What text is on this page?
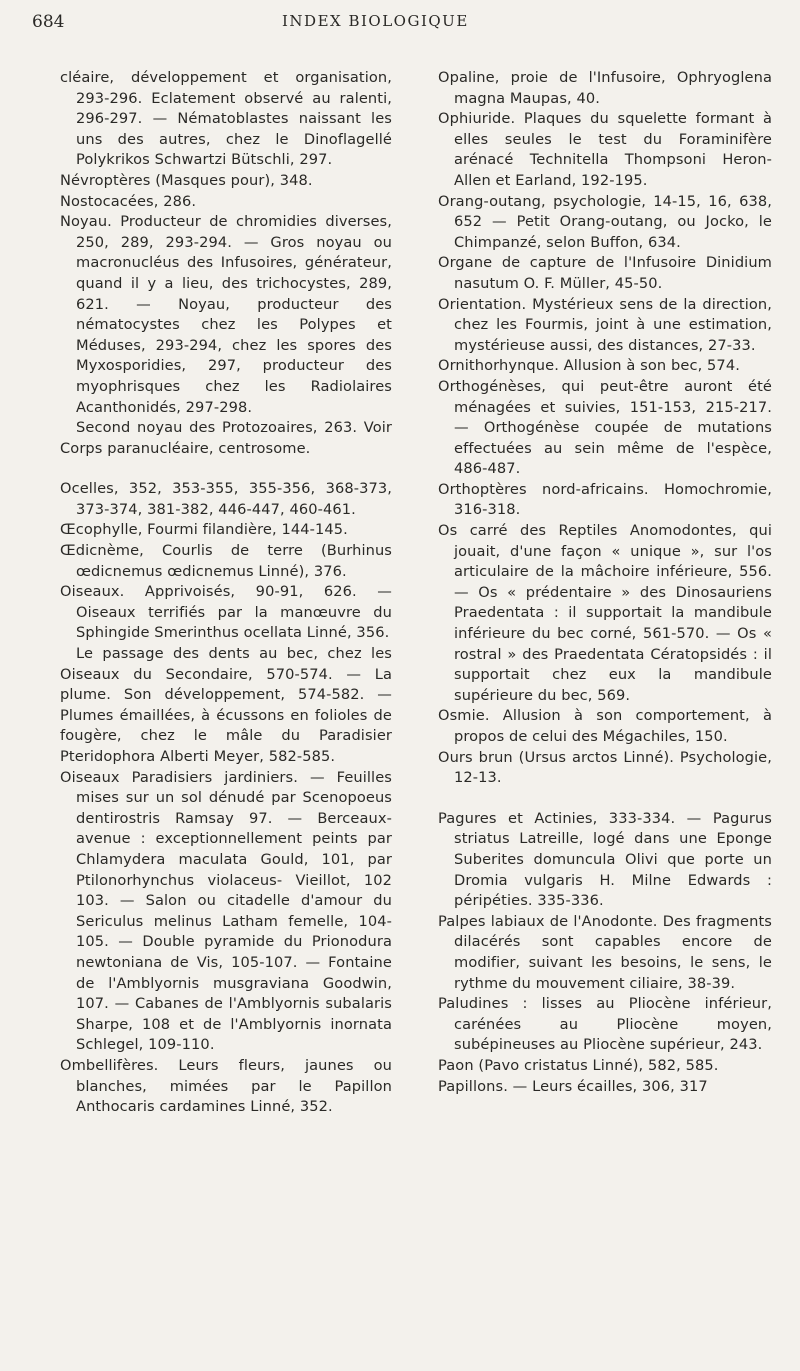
684	INDEX BIOLOGIQUE

cléaire, développement et organisation, 293-296. Eclatement observé au ralenti, 296-297. — Nématoblastes naissant les uns des autres, chez le Dinoflagellé Polykrikos Schwartzi Bütschli, 297.

Névroptères (Masques pour), 348.

Nostocacées, 286.

Noyau. Producteur de chromidies diverses, 250, 289, 293-294. — Gros noyau ou macronucléus des Infusoires, générateur, quand il y a lieu, des trichocystes, 289, 621. — Noyau, producteur des nématocystes chez les Polypes et Méduses, 293-294, chez les spores des Myxosporidies, 297, producteur des myophrisques chez les Radiolaires Acanthonidés, 297-298.

Second noyau des Protozoaires, 263. Voir Corps paranucléaire, centrosome.

Ocelles, 352, 353-355, 355-356, 368-373, 373-374, 381-382, 446-447, 460-461.

Œcophylle, Fourmi filandière, 144-145.

Œdicnème, Courlis de terre (Burhinus œdicnemus œdicnemus Linné), 376.

Oiseaux. Apprivoisés, 90-91, 626. — Oiseaux terrifiés par la manœuvre du Sphingide Smerinthus ocellata Linné, 356.

Le passage des dents au bec, chez les Oiseaux du Secondaire, 570-574. — La plume. Son développement, 574-582. — Plumes émaillées, à écussons en folioles de fougère, chez le mâle du Paradisier Pteridophora Alberti Meyer, 582-585.

Oiseaux Paradisiers jardiniers. — Feuilles mises sur un sol dénudé par Scenopoeus dentirostris Ramsay 97. — Berceaux-avenue : exceptionnellement peints par Chlamydera maculata Gould, 101, par Ptilonorhynchus violaceus- Vieillot, 102 103. — Salon ou citadelle d'amour du Sericulus melinus Latham femelle, 104-105. — Double pyramide du Prionodura newtoniana de Vis, 105-107. — Fontaine de l'Amblyornis musgraviana Goodwin, 107. — Cabanes de l'Amblyornis subalaris Sharpe, 108 et de l'Amblyornis inornata Schlegel, 109-110.

Ombellifères. Leurs fleurs, jaunes ou blanches, mimées par le Papillon Anthocaris cardamines Linné, 352.

Opaline, proie de l'Infusoire, Ophryoglena magna Maupas, 40.

Ophiuride. Plaques du squelette formant à elles seules le test du Foraminifère arénacé Technitella Thompsoni Heron-Allen et Earland, 192-195.

Orang-outang, psychologie, 14-15, 16, 638, 652 — Petit Orang-outang, ou Jocko, le Chimpanzé, selon Buffon, 634.

Organe de capture de l'Infusoire Dinidium nasutum O. F. Müller, 45-50.

Orientation. Mystérieux sens de la direction, chez les Fourmis, joint à une estimation, mystérieuse aussi, des distances, 27-33.

Ornithorhynque. Allusion à son bec, 574.

Orthogénèses, qui peut-être auront été ménagées et suivies, 151-153, 215-217. — Orthogénèse coupée de mutations effectuées au sein même de l'espèce, 486-487.

Orthoptères nord-africains. Homochromie, 316-318.

Os carré des Reptiles Anomodontes, qui jouait, d'une façon « unique », sur l'os articulaire de la mâchoire inférieure, 556. — Os « prédentaire » des Dinosauriens Praedentata : il supportait la mandibule inférieure du bec corné, 561-570. — Os « rostral » des Praedentata Cératopsidés : il supportait chez eux la mandibule supérieure du bec, 569.

Osmie. Allusion à son comportement, à propos de celui des Mégachiles, 150.

Ours brun (Ursus arctos Linné). Psychologie, 12-13.

Pagures et Actinies, 333-334. — Pagurus striatus Latreille, logé dans une Eponge Suberites domuncula Olivi que porte un Dromia vulgaris H. Milne Edwards : péripéties. 335-336.

Palpes labiaux de l'Anodonte. Des fragments dilacérés sont capables encore de modifier, suivant les besoins, le sens, le rythme du mouvement ciliaire, 38-39.

Paludines : lisses au Pliocène inférieur, carénées au Pliocène moyen, subépineuses au Pliocène supérieur, 243.

Paon (Pavo cristatus Linné), 582, 585.

Papillons. — Leurs écailles, 306, 317
